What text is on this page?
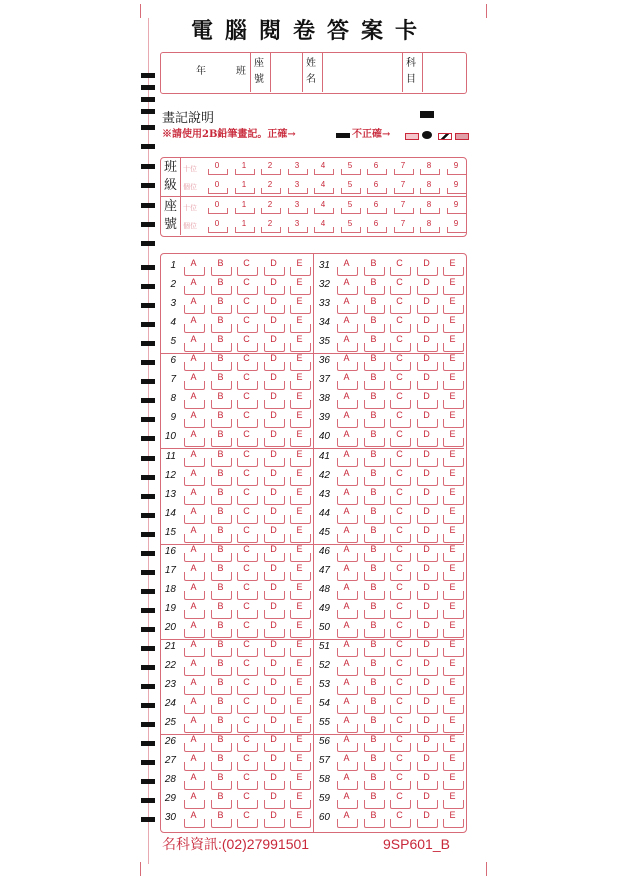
電腦閱卷答案卡
年	班
座
號
姓
名
科
目
畫記說明
※請使用2B鉛筆畫記。正確→	不正確→
班
級
座
號
十位
個位
十位
個位
0	1	2	3	4	5	6	7	8	9
0	1	2	3	4	5	6	7	8	9
0	1	2	3	4	5	6	7	8	9
0	1	2	3	4	5	6	7	8	9
1	A	B	C	D	E
2	A	B	C	D	E
3	A	B	C	D	E
4	A	B	C	D	E
5	A	B	C	D	E
6	A	B	C	D	E
7	A	B	C	D	E
8	A	B	C	D	E
9	A	B	C	D	E
10	A	B	C	D	E
11	A	B	C	D	E
12	A	B	C	D	E
13	A	B	C	D	E
14	A	B	C	D	E
15	A	B	C	D	E
16	A	B	C	D	E
17	A	B	C	D	E
18	A	B	C	D	E
19	A	B	C	D	E
20	A	B	C	D	E
21	A	B	C	D	E
22	A	B	C	D	E
23	A	B	C	D	E
24	A	B	C	D	E
25	A	B	C	D	E
26	A	B	C	D	E
27	A	B	C	D	E
28	A	B	C	D	E
29	A	B	C	D	E
30	A	B	C	D	E
31	A	B	C	D	E
32	A	B	C	D	E
33	A	B	C	D	E
34	A	B	C	D	E
35	A	B	C	D	E
36	A	B	C	D	E
37	A	B	C	D	E
38	A	B	C	D	E
39	A	B	C	D	E
40	A	B	C	D	E
41	A	B	C	D	E
42	A	B	C	D	E
43	A	B	C	D	E
44	A	B	C	D	E
45	A	B	C	D	E
46	A	B	C	D	E
47	A	B	C	D	E
48	A	B	C	D	E
49	A	B	C	D	E
50	A	B	C	D	E
51	A	B	C	D	E
52	A	B	C	D	E
53	A	B	C	D	E
54	A	B	C	D	E
55	A	B	C	D	E
56	A	B	C	D	E
57	A	B	C	D	E
58	A	B	C	D	E
59	A	B	C	D	E
60	A	B	C	D	E
名科資訊:(02)27991501	9SP601_B
